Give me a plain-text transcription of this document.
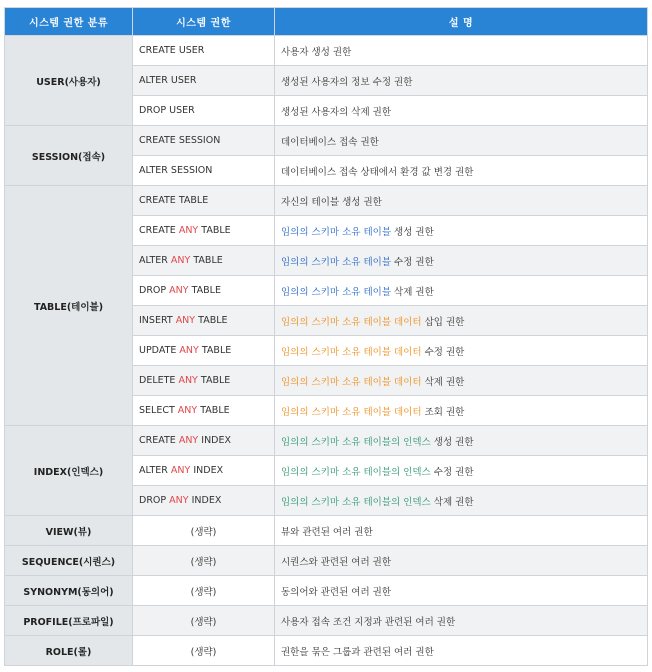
시스템 권한 분류	시스템 권한	설 명
USER(사용자)	CREATE USER	사용자 생성 권한
	ALTER USER	생성된 사용자의 정보 수정 권한
	DROP USER	생성된 사용자의 삭제 권한
SESSION(접속)	CREATE SESSION	데이터베이스 접속 권한
	ALTER SESSION	데이터베이스 접속 상태에서 환경 값 변경 권한
TABLE(테이블)	CREATE TABLE	자신의 테이블 생성 권한
	CREATE ANY TABLE	임의의 스키마 소유 테이블 생성 권한
	ALTER ANY TABLE	임의의 스키마 소유 테이블 수정 권한
	DROP ANY TABLE	임의의 스키마 소유 테이블 삭제 권한
	INSERT ANY TABLE	임의의 스키마 소유 테이블 데이터 삽입 권한
	UPDATE ANY TABLE	임의의 스키마 소유 테이블 데이터 수정 권한
	DELETE ANY TABLE	임의의 스키마 소유 테이블 데이터 삭제 권한
	SELECT ANY TABLE	임의의 스키마 소유 테이블 데이터 조회 권한
INDEX(인덱스)	CREATE ANY INDEX	임의의 스키마 소유 테이블의 인덱스 생성 권한
	ALTER ANY INDEX	임의의 스키마 소유 테이블의 인덱스 수정 권한
	DROP ANY INDEX	임의의 스키마 소유 테이블의 인덱스 삭제 권한
VIEW(뷰)	(생략)	뷰와 관련된 여러 권한
SEQUENCE(시퀀스)	(생략)	시퀀스와 관련된 여러 권한
SYNONYM(동의어)	(생략)	동의어와 관련된 여러 권한
PROFILE(프로파일)	(생략)	사용자 접속 조건 지정과 관련된 여러 권한
ROLE(롤)	(생략)	권한을 묶은 그룹과 관련된 여러 권한
